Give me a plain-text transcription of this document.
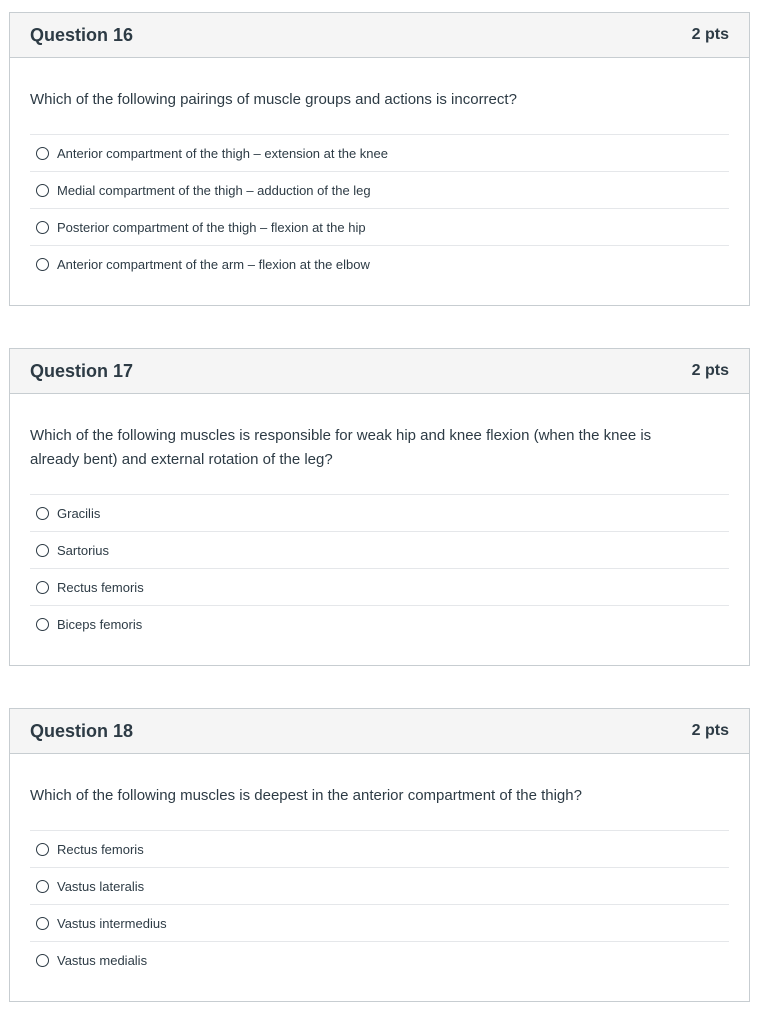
Question 16	2 pts

Which of the following pairings of muscle groups and actions is incorrect?

Anterior compartment of the thigh – extension at the knee
Medial compartment of the thigh – adduction of the leg
Posterior compartment of the thigh – flexion at the hip
Anterior compartment of the arm – flexion at the elbow
Question 17	2 pts

Which of the following muscles is responsible for weak hip and knee flexion (when the knee is
already bent) and external rotation of the leg?

Gracilis
Sartorius
Rectus femoris
Biceps femoris
Question 18	2 pts

Which of the following muscles is deepest in the anterior compartment of the thigh?

Rectus femoris
Vastus lateralis
Vastus intermedius
Vastus medialis
